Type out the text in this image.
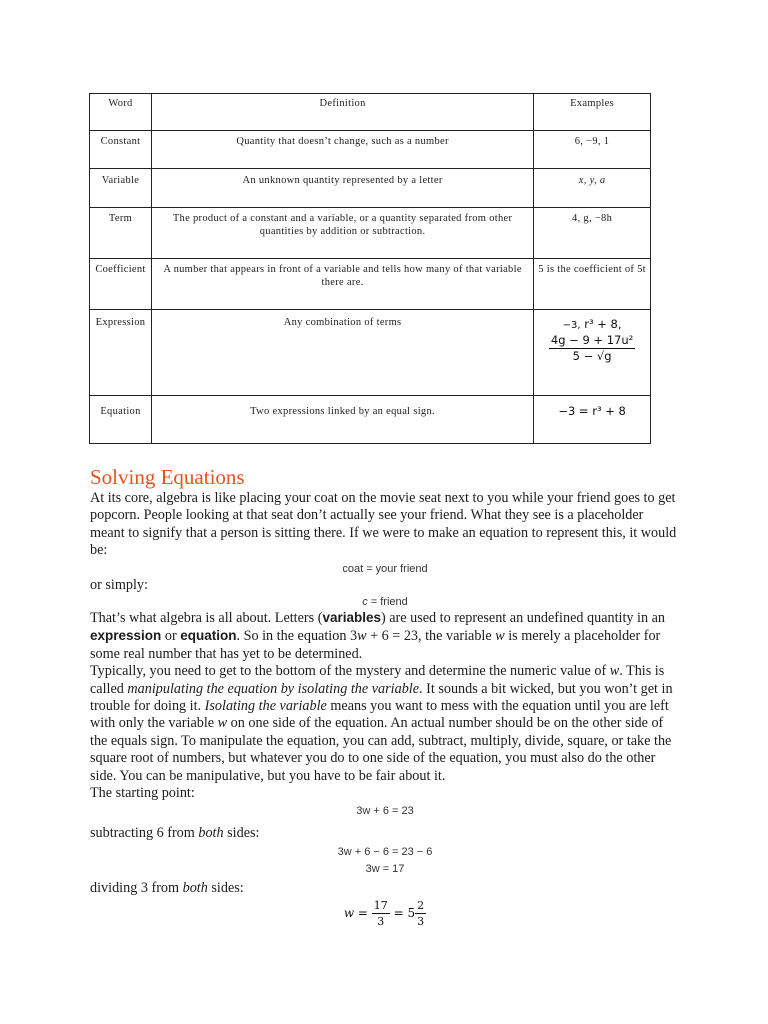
Word	Definition	Examples
Constant	Quantity that doesn’t change, such as a number	6, −9, 1
Variable	An unknown quantity represented by a letter	x, y, a
Term	The product of a constant and a variable, or a quantity separated from other quantities by addition or subtraction.	4, g, −8h
Coefficient	A number that appears in front of a variable and tells how many of that variable there are.	5 is the coefficient of 5t
Expression	Any combination of terms	−3, r³ + 8,
$\frac{\text{4g − 9 + 17u²}}{5 - √g}$

Equation	Two expressions linked by an equal sign.	−3 = r³ + 8
Solving Equations

At its core, algebra is like placing your coat on the movie seat next to you while your friend goes to get popcorn. People looking at that seat don’t actually see your friend. What they see is a placeholder meant to signify that a person is sitting there. If we were to make an equation to represent this, it would be:

coat = your friend

or simply:

c = friend

That’s what algebra is all about. Letters (variables) are used to represent an undefined quantity in an expression or equation. So in the equation 3w + 6 = 23, the variable w is merely a placeholder for some real number that has yet to be determined.

Typically, you need to get to the bottom of the mystery and determine the numeric value of w. This is called manipulating the equation by isolating the variable. It sounds a bit wicked, but you won’t get in trouble for doing it. Isolating the variable means you want to mess with the equation until you are left with only the variable w on one side of the equation. An actual number should be on the other side of the equals sign. To manipulate the equation, you can add, subtract, multiply, divide, square, or take the square root of numbers, but whatever you do to one side of the equation, you must also do the other side. You can be manipulative, but you have to be fair about it.

The starting point:

3w + 6 = 23

subtracting 6 from both sides:

3w + 6 − 6 = 23 − 6
3w = 17

dividing 3 from both sides:

$w = \frac{17}{3} = 5 \frac{2}{3}$
